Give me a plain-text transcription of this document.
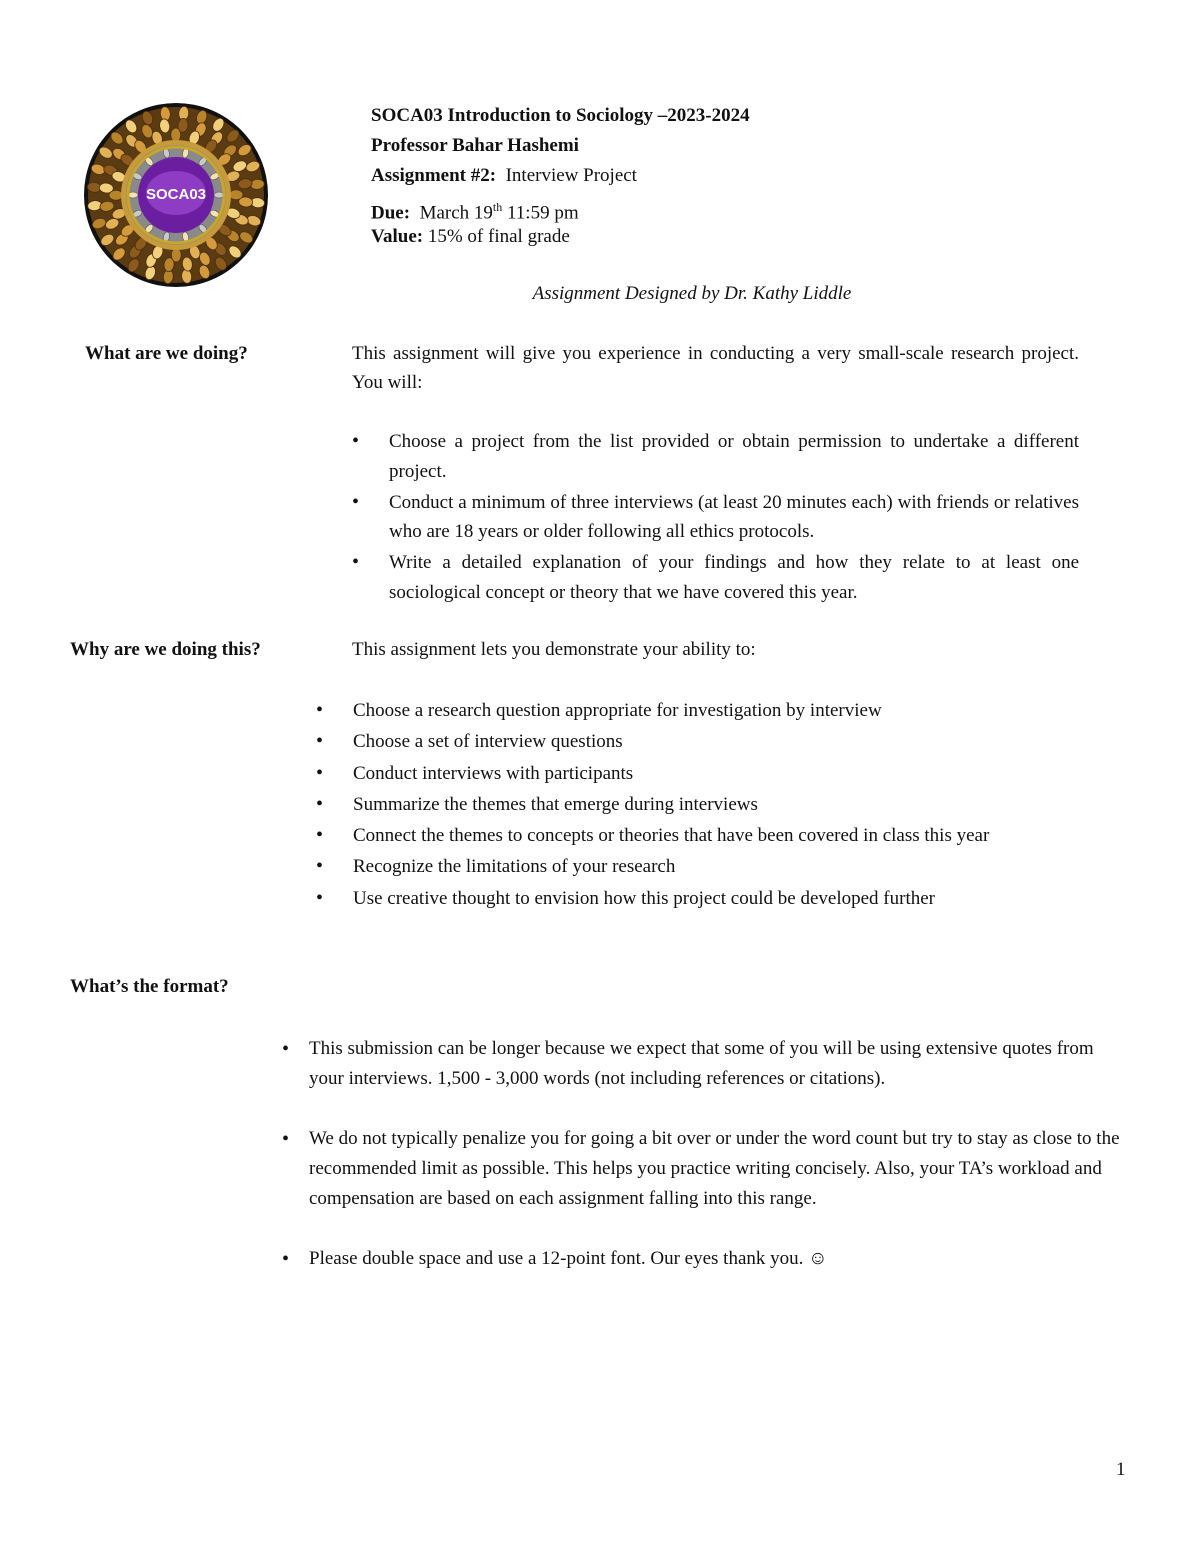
SOCA03
SOCA03 Introduction to Sociology –2023-2024
Professor Bahar Hashemi
Assignment #2: Interview Project
Due: March 19th 11:59 pm
Value: 15% of final grade
Assignment Designed by Dr. Kathy Liddle
What are we doing?	This assignment will give you experience in conducting a very small-scale research project. You will:
• Choose a project from the list provided or obtain permission to undertake a different project.
• Conduct a minimum of three interviews (at least 20 minutes each) with friends or relatives who are 18 years or older following all ethics protocols.
• Write a detailed explanation of your findings and how they relate to at least one sociological concept or theory that we have covered this year.
Why are we doing this?	This assignment lets you demonstrate your ability to:
• Choose a research question appropriate for investigation by interview
• Choose a set of interview questions
• Conduct interviews with participants
• Summarize the themes that emerge during interviews
• Connect the themes to concepts or theories that have been covered in class this year
• Recognize the limitations of your research
• Use creative thought to envision how this project could be developed further
What’s the format?
• This submission can be longer because we expect that some of you will be using extensive quotes from your interviews. 1,500 - 3,000 words (not including references or citations).
• We do not typically penalize you for going a bit over or under the word count but try to stay as close to the recommended limit as possible. This helps you practice writing concisely. Also, your TA’s workload and compensation are based on each assignment falling into this range.
• Please double space and use a 12-point font. Our eyes thank you. ☺
1
